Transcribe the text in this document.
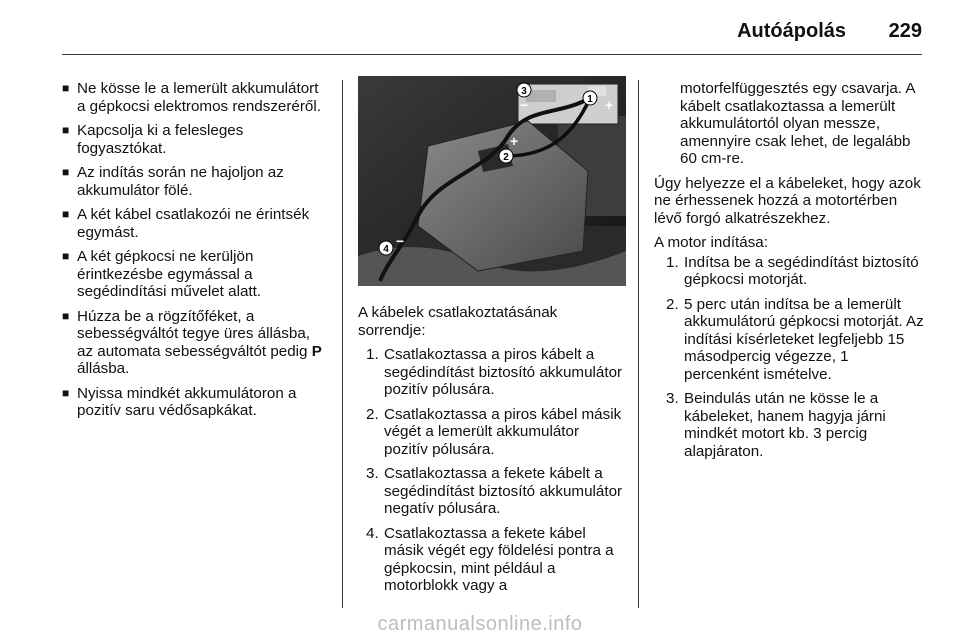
Autóápolás 229
■ Ne kösse le a lemerült akkumulátort a gépkocsi elektromos rendszeréről.
■ Kapcsolja ki a felesleges fogyasztókat.
■ Az indítás során ne hajoljon az akkumulátor fölé.
■ A két kábel csatlakozói ne érintsék egymást.
■ A két gépkocsi ne kerüljön érintkezésbe egymással a segédindítási művelet alatt.
■ Húzza be a rögzítőféket, a sebességváltót tegye üres állásba, az automata sebességváltót pedig P állásba.
■ Nyissa mindkét akkumulátoron a pozitív saru védősapkákat.
1 +
2
+
3
−
4
−
A kábelek csatlakoztatásának sorrendje:
1. Csatlakoztassa a piros kábelt a segédindítást biztosító akkumulátor pozitív pólusára.
2. Csatlakoztassa a piros kábel másik végét a lemerült akkumulátor pozitív pólusára.
3. Csatlakoztassa a fekete kábelt a segédindítást biztosító akkumulátor negatív pólusára.
4. Csatlakoztassa a fekete kábel másik végét egy földelési pontra a gépkocsin, mint például a motorblokk vagy a

motorfelfüggesztés egy csavarja. A kábelt csatlakoztassa a lemerült akkumulátortól olyan messze, amennyire csak lehet, de legalább 60 cm-re.

Úgy helyezze el a kábeleket, hogy azok ne érhessenek hozzá a motortérben lévő forgó alkatrészekhez.

A motor indítása:

1. Indítsa be a segédindítást biztosító gépkocsi motorját.
2. 5 perc után indítsa be a lemerült akkumulátorú gépkocsi motorját. Az indítási kísérleteket legfeljebb 15 másodpercig végezze, 1 percenként ismételve.
3. Beindulás után ne kösse le a kábeleket, hanem hagyja járni mindkét motort kb. 3 percig alapjáraton.
carmanualsonline.info
